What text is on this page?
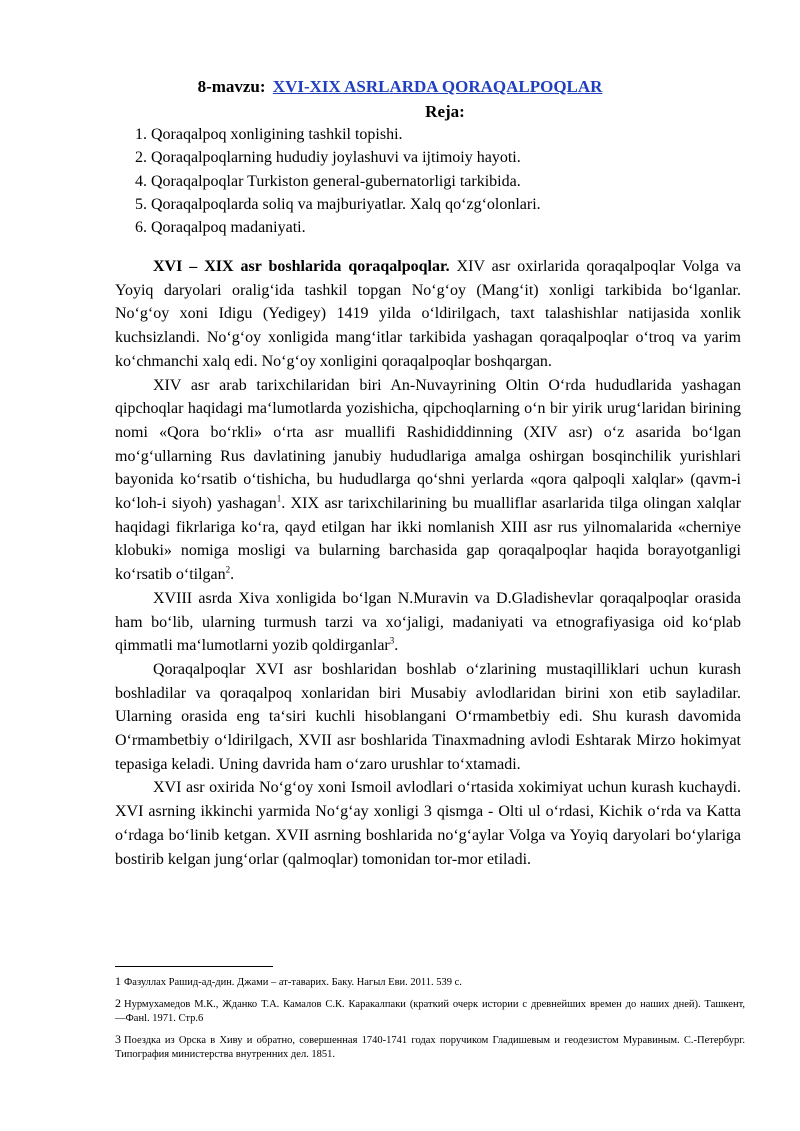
8-mavzu: XVI-XIX ASRLARDA QORAQALPOQLAR
Reja:
1. Qoraqalpoq xonligining tashkil topishi.
2. Qoraqalpoqlarning hududiy joylashuvi va ijtimoiy hayoti.
4. Qoraqalpoqlar Turkiston general-gubernatorligi tarkibida.
5. Qoraqalpoqlarda soliq va majburiyatlar. Xalq qo‘zg‘olonlari.
6. Qoraqalpoq madaniyati.

XVI – XIX asr boshlarida qoraqalpoqlar. XIV asr oxirlarida qoraqalpoqlar Volga va Yoyiq daryolari oralig‘ida tashkil topgan No‘g‘oy (Mang‘it) xonligi tarkibida bo‘lganlar. No‘g‘oy xoni Idigu (Yedigey) 1419 yilda o‘ldirilgach, taxt talashishlar natijasida xonlik kuchsizlandi. No‘g‘oy xonligida mang‘itlar tarkibida yashagan qoraqalpoqlar o‘troq va yarim ko‘chmanchi xalq edi. No‘g‘oy xonligini qoraqalpoqlar boshqargan.

XIV asr arab tarixchilaridan biri An-Nuvayrining Oltin O‘rda hududlarida yashagan qipchoqlar haqidagi ma‘lumotlarda yozishicha, qipchoqlarning o‘n bir yirik urug‘laridan birining nomi «Qora bo‘rkli» o‘rta asr muallifi Rashididdinning (XIV asr) o‘z asarida bo‘lgan mo‘g‘ullarning Rus davlatining janubiy hududlariga amalga oshirgan bosqinchilik yurishlari bayonida ko‘rsatib o‘tishicha, bu hududlarga qo‘shni yerlarda «qora qalpoqli xalqlar» (qavm-i ko‘loh-i siyoh) yashagan$^1$. XIX asr tarixchilarining bu mualliflar asarlarida tilga olingan xalqlar haqidagi fikrlariga ko‘ra, qayd etilgan har ikki nomlanish XIII asr rus yilnomalarida «cherniye klobuki» nomiga mosligi va bularning barchasida gap qoraqalpoqlar haqida borayotganligi ko‘rsatib o‘tilgan$^2$.

XVIII asrda Xiva xonligida bo‘lgan N.Muravin va D.Gladishevlar qoraqalpoqlar orasida ham bo‘lib, ularning turmush tarzi va xo‘jaligi, madaniyati va etnografiyasiga oid ko‘plab qimmatli ma‘lumotlarni yozib qoldirganlar$^3$.

Qoraqalpoqlar XVI asr boshlaridan boshlab o‘zlarining mustaqilliklari uchun kurash boshladilar va qoraqalpoq xonlaridan biri Musabiy avlodlaridan birini xon etib sayladilar. Ularning orasida eng ta‘siri kuchli hisoblangani O‘rmambetbiy edi. Shu kurash davomida O‘rmambetbiy o‘ldirilgach, XVII asr boshlarida Tinaxmadning avlodi Eshtarak Mirzo hokimyat tepasiga keladi. Uning davrida ham o‘zaro urushlar to‘xtamadi.

XVI asr oxirida No‘g‘oy xoni Ismoil avlodlari o‘rtasida xokimiyat uchun kurash kuchaydi. XVI asrning ikkinchi yarmida No‘g‘ay xonligi 3 qismga - Olti ul o‘rdasi, Kichik o‘rda va Katta o‘rdaga bo‘linib ketgan. XVII asrning boshlarida no‘g‘aylar Volga va Yoyiq daryolari bo‘ylariga bostirib kelgan jung‘orlar (qalmoqlar) tomonidan tor-mor etiladi.

1 Фазуллах Рашид-ад-дин. Джами – ат-таварих. Баку. Нагыл Еви. 2011. 539 с.
2 Нурмухамедов М.К., Жданко Т.А. Камалов С.К. Каракалпаки (краткий очерк истории с древнейших времен до наших дней). Ташкент, ―Фанl. 1971. Стр.6
3 Поездка из Орска в Хиву и обратно, совершенная 1740-1741 годах поручиком Гладишевым и геодезистом Муравиным. С.-Петербург. Типография министерства внутренних дел. 1851.
